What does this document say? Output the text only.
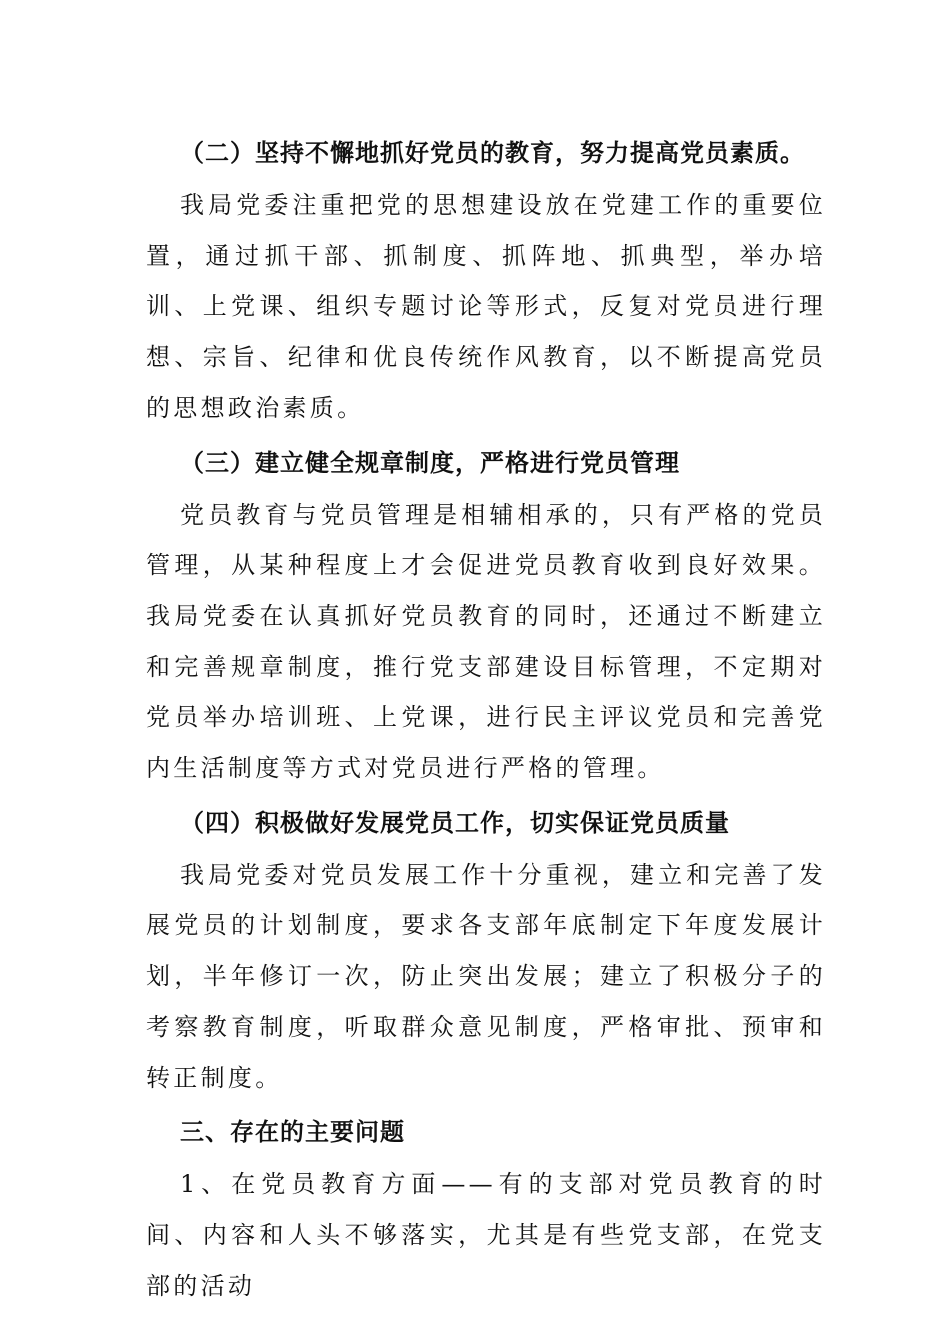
（二）坚持不懈地抓好党员的教育，努力提高党员素质。

我局党委注重把党的思想建设放在党建工作的重要位置，通过抓干部、抓制度、抓阵地、抓典型，举办培训、上党课、组织专题讨论等形式，反复对党员进行理想、宗旨、纪律和优良传统作风教育，以不断提高党员的思想政治素质。

（三）建立健全规章制度，严格进行党员管理

党员教育与党员管理是相辅相承的，只有严格的党员管理，从某种程度上才会促进党员教育收到良好效果。我局党委在认真抓好党员教育的同时，还通过不断建立和完善规章制度，推行党支部建设目标管理，不定期对党员举办培训班、上党课，进行民主评议党员和完善党内生活制度等方式对党员进行严格的管理。

（四）积极做好发展党员工作，切实保证党员质量

我局党委对党员发展工作十分重视，建立和完善了发展党员的计划制度，要求各支部年底制定下年度发展计划，半年修订一次，防止突出发展；建立了积极分子的考察教育制度，听取群众意见制度，严格审批、预审和转正制度。

三、存在的主要问题

1、在党员教育方面——有的支部对党员教育的时间、内容和人头不够落实，尤其是有些党支部，在党支部的活动
